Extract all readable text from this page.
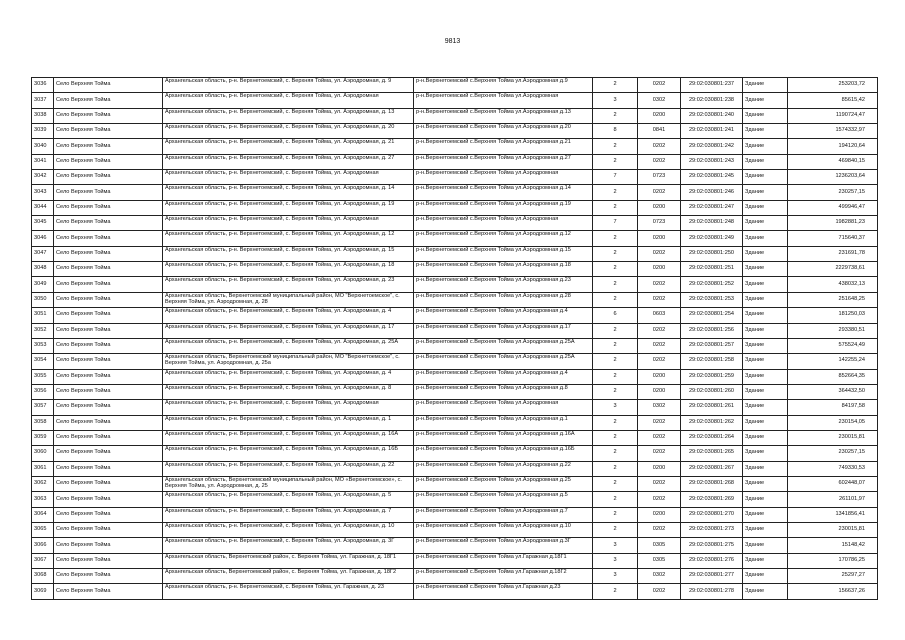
9813
3036	Село Верхняя Тойма	Архангельская область, р-н. Верхнетоемский, с. Верхняя Тойма, ул. Аэродромная, д. 9	р-н.Верхнетоемский с.Верхняя Тойма ул.Аэродромная д.9	2	0202	29:02:030801:237	Здание	253203,72
3037	Село Верхняя Тойма	Архангельская область, р-н. Верхнетоемский, с. Верхняя Тойма, ул. Аэродромная	р-н.Верхнетоемский с.Верхняя Тойма ул.Аэродромная	3	0302	29:02:030801:238	Здание	85615,42
3038	Село Верхняя Тойма	Архангельская область, р-н. Верхнетоемский, с. Верхняя Тойма, ул. Аэродромная, д. 13	р-н.Верхнетоемский с.Верхняя Тойма ул.Аэродромная д.13	2	0200	29:02:030801:240	Здание	1190724,47
3039	Село Верхняя Тойма	Архангельская область, р-н. Верхнетоемский, с. Верхняя Тойма, ул. Аэродромная, д. 20	р-н.Верхнетоемский с.Верхняя Тойма ул.Аэродромная д.20	8	0841	29:02:030801:241	Здание	1574332,97
3040	Село Верхняя Тойма	Архангельская область, р-н. Верхнетоемский, с. Верхняя Тойма, ул. Аэродромная, д. 21	р-н.Верхнетоемский с.Верхняя Тойма ул.Аэродромная д.21	2	0202	29:02:030801:242	Здание	194120,64
3041	Село Верхняя Тойма	Архангельская область, р-н. Верхнетоемский, с. Верхняя Тойма, ул. Аэродромная, д. 27	р-н.Верхнетоемский с.Верхняя Тойма ул.Аэродромная д.27	2	0202	29:02:030801:243	Здание	469840,15
3042	Село Верхняя Тойма	Архангельская область, р-н. Верхнетоемский, с. Верхняя Тойма, ул. Аэродромная	р-н.Верхнетоемский с.Верхняя Тойма ул.Аэродромная	7	0723	29:02:030801:245	Здание	1236203,64
3043	Село Верхняя Тойма	Архангельская область, р-н. Верхнетоемский, с. Верхняя Тойма, ул. Аэродромная, д. 14	р-н.Верхнетоемский с.Верхняя Тойма ул.Аэродромная д.14	2	0202	29:02:030801:246	Здание	230257,15
3044	Село Верхняя Тойма	Архангельская область, р-н. Верхнетоемский, с. Верхняя Тойма, ул. Аэродромная, д. 19	р-н.Верхнетоемский с.Верхняя Тойма ул.Аэродромная д.19	2	0200	29:02:030801:247	Здание	499946,47
3045	Село Верхняя Тойма	Архангельская область, р-н. Верхнетоемский, с. Верхняя Тойма, ул. Аэродромная	р-н.Верхнетоемский с.Верхняя Тойма ул.Аэродромная	7	0723	29:02:030801:248	Здание	1982881,23
3046	Село Верхняя Тойма	Архангельская область, р-н. Верхнетоемский, с. Верхняя Тойма, ул. Аэродромная, д. 12	р-н.Верхнетоемский с.Верхняя Тойма ул.Аэродромная д.12	2	0200	29:02:030801:249	Здание	715640,37
3047	Село Верхняя Тойма	Архангельская область, р-н. Верхнетоемский, с. Верхняя Тойма, ул. Аэродромная, д. 15	р-н.Верхнетоемский с.Верхняя Тойма ул.Аэродромная д.15	2	0202	29:02:030801:250	Здание	231691,78
3048	Село Верхняя Тойма	Архангельская область, р-н. Верхнетоемский, с. Верхняя Тойма, ул. Аэродромная, д. 18	р-н.Верхнетоемский с.Верхняя Тойма ул.Аэродромная д.18	2	0200	29:02:030801:251	Здание	2229738,61
3049	Село Верхняя Тойма	Архангельская область, р-н. Верхнетоемский, с. Верхняя Тойма, ул. Аэродромная, д. 23	р-н.Верхнетоемский с.Верхняя Тойма ул.Аэродромная д.23	2	0202	29:02:030801:252	Здание	438032,13
3050	Село Верхняя Тойма	Архангельская область, Верхнетоемский муниципальный район, МО "Верхнетоемское", с. Верхняя Тойма, ул. Аэродромная, д. 28	р-н.Верхнетоемский с.Верхняя Тойма ул.Аэродромная д.28	2	0202	29:02:030801:253	Здание	251648,25
3051	Село Верхняя Тойма	Архангельская область, р-н. Верхнетоемский, с. Верхняя Тойма, ул. Аэродромная, д. 4	р-н.Верхнетоемский с.Верхняя Тойма ул.Аэродромная д.4	6	0603	29:02:030801:254	Здание	181250,03
3052	Село Верхняя Тойма	Архангельская область, р-н. Верхнетоемский, с. Верхняя Тойма, ул. Аэродромная, д. 17	р-н.Верхнетоемский с.Верхняя Тойма ул.Аэродромная д.17	2	0202	29:02:030801:256	Здание	293380,51
3053	Село Верхняя Тойма	Архангельская область, р-н. Верхнетоемский, с. Верхняя Тойма, ул. Аэродромная, д. 25А	р-н.Верхнетоемский с.Верхняя Тойма ул.Аэродромная д.25А	2	0202	29:02:030801:257	Здание	575524,49
3054	Село Верхняя Тойма	Архангельская область, Верхнетоемский муниципальный район, МО "Верхнетоемское", с. Верхняя Тойма, ул. Аэродромная, д. 25а	р-н.Верхнетоемский с.Верхняя Тойма ул.Аэродромная д.25А	2	0202	29:02:030801:258	Здание	142255,24
3055	Село Верхняя Тойма	Архангельская область, р-н. Верхнетоемский, с. Верхняя Тойма, ул. Аэродромная, д. 4	р-н.Верхнетоемский с.Верхняя Тойма ул.Аэродромная д.4	2	0200	29:02:030801:259	Здание	852664,35
3056	Село Верхняя Тойма	Архангельская область, р-н. Верхнетоемский, с. Верхняя Тойма, ул. Аэродромная, д. 8	р-н.Верхнетоемский с.Верхняя Тойма ул.Аэродромная д.8	2	0200	29:02:030801:260	Здание	364432,50
3057	Село Верхняя Тойма	Архангельская область, р-н. Верхнетоемский, с. Верхняя Тойма, ул. Аэродромная	р-н.Верхнетоемский с.Верхняя Тойма ул.Аэродромная	3	0302	29:02:030801:261	Здание	84197,58
3058	Село Верхняя Тойма	Архангельская область, р-н. Верхнетоемский, с. Верхняя Тойма, ул. Аэродромная, д. 1	р-н.Верхнетоемский с.Верхняя Тойма ул.Аэродромная д.1	2	0202	29:02:030801:262	Здание	230154,05
3059	Село Верхняя Тойма	Архангельская область, р-н. Верхнетоемский, с. Верхняя Тойма, ул. Аэродромная, д. 16А	р-н.Верхнетоемский с.Верхняя Тойма ул.Аэродромная д.16А	2	0202	29:02:030801:264	Здание	230015,81
3060	Село Верхняя Тойма	Архангельская область, р-н. Верхнетоемский, с. Верхняя Тойма, ул. Аэродромная, д. 16Б	р-н.Верхнетоемский с.Верхняя Тойма ул.Аэродромная д.16Б	2	0202	29:02:030801:265	Здание	230257,15
3061	Село Верхняя Тойма	Архангельская область, р-н. Верхнетоемский, с. Верхняя Тойма, ул. Аэродромная, д. 22	р-н.Верхнетоемский с.Верхняя Тойма ул.Аэродромная д.22	2	0200	29:02:030801:267	Здание	749330,53
3062	Село Верхняя Тойма	Архангельская область, Верхнетоемский муниципальный район, МО «Верхнетоемское», с. Верхняя Тойма, ул. Аэродромная, д. 25	р-н.Верхнетоемский с.Верхняя Тойма ул.Аэродромная д.25	2	0202	29:02:030801:268	Здание	602448,07
3063	Село Верхняя Тойма	Архангельская область, р-н. Верхнетоемский, с. Верхняя Тойма, ул. Аэродромная, д. 5	р-н.Верхнетоемский с.Верхняя Тойма ул.Аэродромная д.5	2	0202	29:02:030801:269	Здание	261101,97
3064	Село Верхняя Тойма	Архангельская область, р-н. Верхнетоемский, с. Верхняя Тойма, ул. Аэродромная, д. 7	р-н.Верхнетоемский с.Верхняя Тойма ул.Аэродромная д.7	2	0200	29:02:030801:270	Здание	1341856,41
3065	Село Верхняя Тойма	Архангельская область, р-н. Верхнетоемский, с. Верхняя Тойма, ул. Аэродромная, д. 10	р-н.Верхнетоемский с.Верхняя Тойма ул.Аэродромная д.10	2	0202	29:02:030801:273	Здание	230015,81
3066	Село Верхняя Тойма	Архангельская область, р-н. Верхнетоемский, с. Верхняя Тойма, ул. Аэродромная, д. 3Г	р-н.Верхнетоемский с.Верхняя Тойма ул.Аэродромная д.3Г	3	0305	29:02:030801:275	Здание	15148,42
3067	Село Верхняя Тойма	Архангельская область, Верхнетоемский район, с. Верхняя Тойма, ул. Гаражная, д. 18Г1	р-н.Верхнетоемский с.Верхняя Тойма ул.Гаражная д.18Г1	3	0305	29:02:030801:276	Здание	170786,25
3068	Село Верхняя Тойма	Архангельская область, Верхнетоемский район, с. Верхняя Тойма, ул. Гаражная, д. 18Г2	р-н.Верхнетоемский с.Верхняя Тойма ул.Гаражная д.18Г2	3	0302	29:02:030801:277	Здание	25297,27
3069	Село Верхняя Тойма	Архангельская область, р-н. Верхнетоемский, с. Верхняя Тойма, ул. Гаражная, д. 23	р-н.Верхнетоемский с.Верхняя Тойма ул.Гаражная д.23	2	0202	29:02:030801:278	Здание	156637,26
